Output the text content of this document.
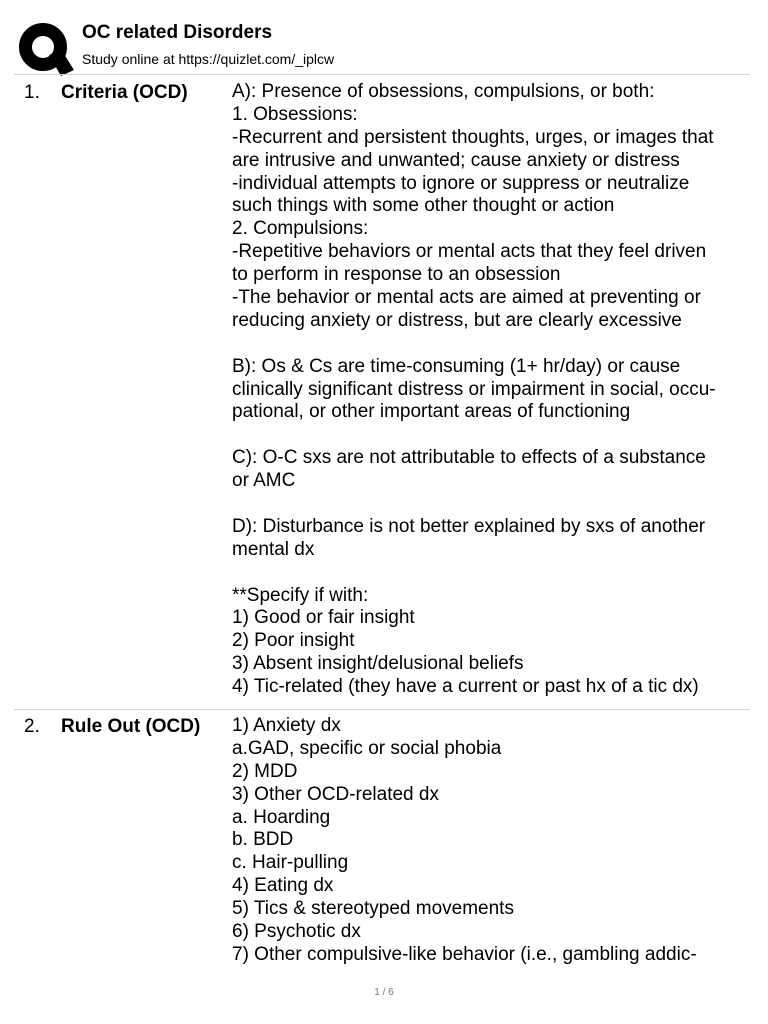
OC related Disorders
Study online at https://quizlet.com/_iplcw
1. Criteria (OCD) A): Presence of obsessions, compulsions, or both:
1. Obsessions:
-Recurrent and persistent thoughts, urges, or images that
are intrusive and unwanted; cause anxiety or distress
-individual attempts to ignore or suppress or neutralize
such things with some other thought or action
2. Compulsions:
-Repetitive behaviors or mental acts that they feel driven
to perform in response to an obsession
-The behavior or mental acts are aimed at preventing or
reducing anxiety or distress, but are clearly excessive
B): Os & Cs are time-consuming (1+ hr/day) or cause
clinically significant distress or impairment in social, occu-
pational, or other important areas of functioning
C): O-C sxs are not attributable to effects of a substance
or AMC
D): Disturbance is not better explained by sxs of another
mental dx
**Specify if with:
1) Good or fair insight
2) Poor insight
3) Absent insight/delusional beliefs
4) Tic-related (they have a current or past hx of a tic dx)
2. Rule Out (OCD) 1) Anxiety dx
a.GAD, specific or social phobia
2) MDD
3) Other OCD-related dx
a. Hoarding
b. BDD
c. Hair-pulling
4) Eating dx
5) Tics & stereotyped movements
6) Psychotic dx
7) Other compulsive-like behavior (i.e., gambling addic-
1 / 6
